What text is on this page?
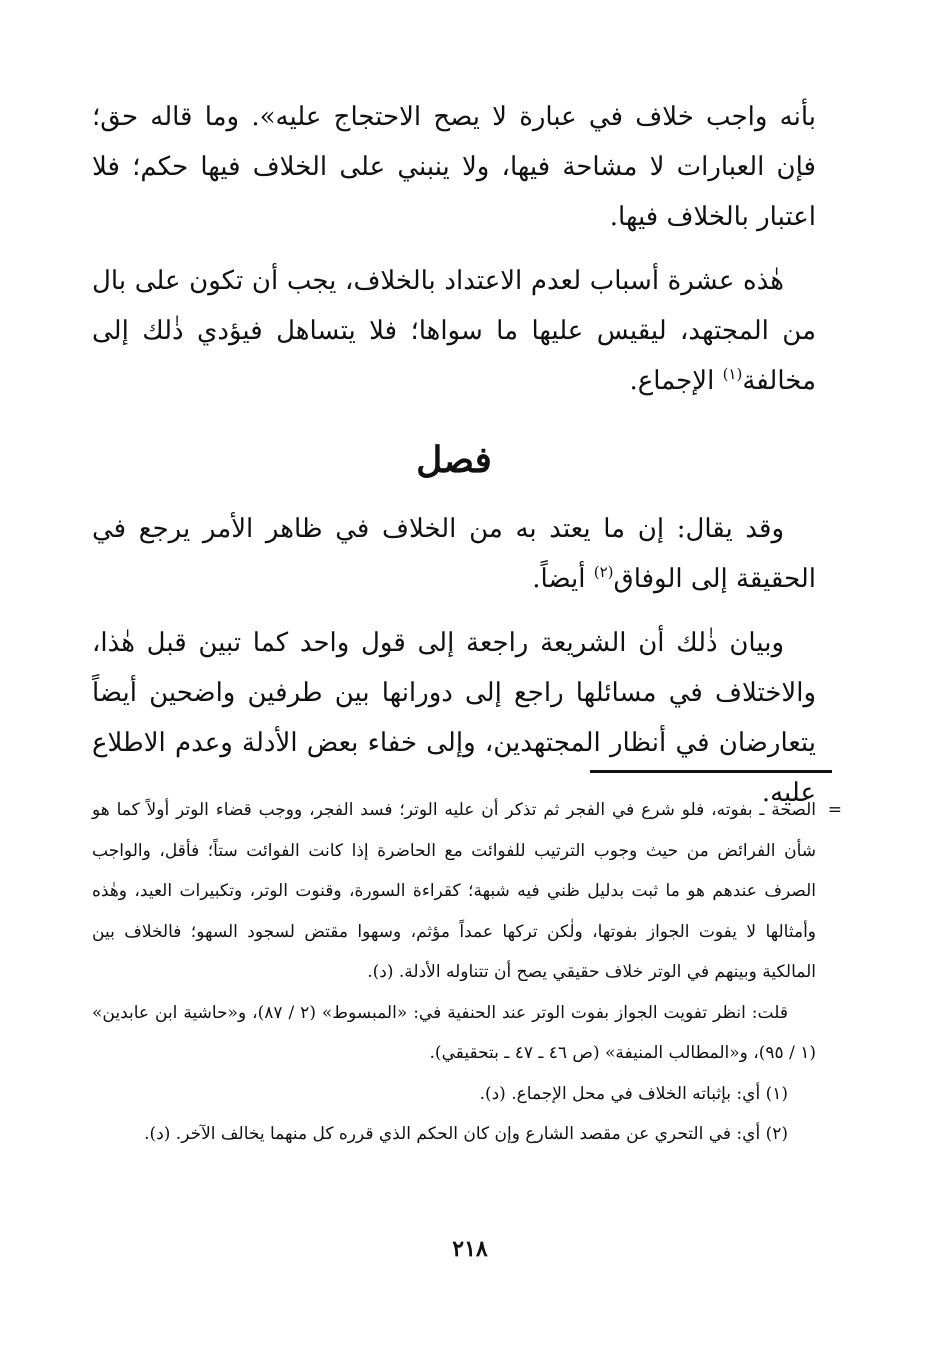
بأنه واجب خلاف في عبارة لا يصح الاحتجاج عليه». وما قاله حق؛ فإن العبارات لا مشاحة فيها، ولا ينبني على الخلاف فيها حكم؛ فلا اعتبار بالخلاف فيها.

هٰذه عشرة أسباب لعدم الاعتداد بالخلاف، يجب أن تكون على بال من المجتهد، ليقيس عليها ما سواها؛ فلا يتساهل فيؤدي ذٰلك إلى مخالفة$^{(١)}$ الإجماع.

فصل

وقد يقال: إن ما يعتد به من الخلاف في ظاهر الأمر يرجع في الحقيقة إلى الوفاق$^{(٢)}$ أيضاً.

وبيان ذٰلك أن الشريعة راجعة إلى قول واحد كما تبين قبل هٰذا، والاختلاف في مسائلها راجع إلى دورانها بين طرفين واضحين أيضاً يتعارضان في أنظار المجتهدين، وإلى خفاء بعض الأدلة وعدم الاطلاع عليه.

=
الصحة ـ بفوته، فلو شرع في الفجر ثم تذكر أن عليه الوتر؛ فسد الفجر، ووجب قضاء الوتر أولاً كما هو شأن الفرائض من حيث وجوب الترتيب للفوائت مع الحاضرة إذا كانت الفوائت ستاً؛ فأقل، والواجب الصرف عندهم هو ما ثبت بدليل ظني فيه شبهة؛ كقراءة السورة، وقنوت الوتر، وتكبيرات العيد، وهٰذه وأمثالها لا يفوت الجواز بفوتها، ولٰكن تركها عمداً مؤثم، وسهوا مقتض لسجود السهو؛ فالخلاف بين المالكية وبينهم في الوتر خلاف حقيقي يصح أن تتناوله الأدلة. (د).

قلت: انظر تفويت الجواز بفوت الوتر عند الحنفية في: «المبسوط» (٢ / ٨٧)، و«حاشية ابن عابدين» (١ / ٩٥)، و«المطالب المنيفة» (ص ٤٦ ـ ٤٧ ـ بتحقيقي).

(١) أي: بإثباته الخلاف في محل الإجماع. (د).

(٢) أي: في التحري عن مقصد الشارع وإن كان الحكم الذي قرره كل منهما يخالف الآخر. (د).

٢١٨
